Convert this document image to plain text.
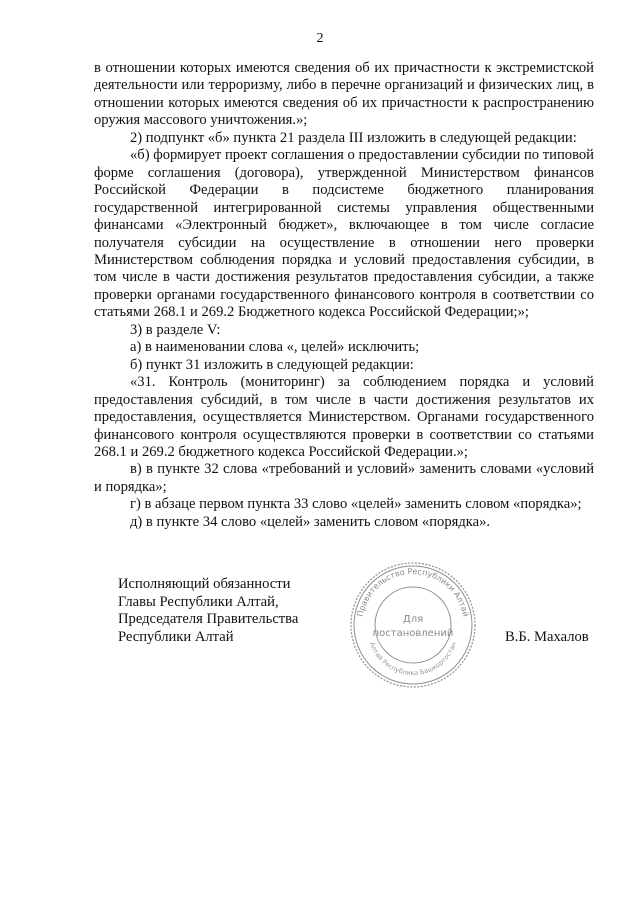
2

в отношении которых имеются сведения об их причастности к экстремистской деятельности или терроризму, либо в перечне организаций и физических лиц, в отношении которых имеются сведения об их причастности к распространению оружия массового уничтожения.»;

2) подпункт «б» пункта 21 раздела III изложить в следующей редакции:

«б) формирует проект соглашения о предоставлении субсидии по типовой форме соглашения (договора), утвержденной Министерством финансов Российской Федерации в подсистеме бюджетного планирования государственной интегрированной системы управления общественными финансами «Электронный бюджет», включающее в том числе согласие получателя субсидии на осуществление в отношении него проверки Министерством соблюдения порядка и условий предоставления субсидии, в том числе в части достижения результатов предоставления субсидии, а также проверки органами государственного финансового контроля в соответствии со статьями 268.1 и 269.2 Бюджетного кодекса Российской Федерации;»;

3) в разделе V:

а) в наименовании слова «, целей» исключить;

б) пункт 31 изложить в следующей редакции:

«31. Контроль (мониторинг) за соблюдением порядка и условий предоставления субсидий, в том числе в части достижения результатов их предоставления, осуществляется Министерством. Органами государственного финансового контроля осуществляются проверки в соответствии со статьями 268.1 и 269.2 бюджетного кодекса Российской Федерации.»;

в) в пункте 32 слова «требований и условий» заменить словами «условий и порядка»;

г) в абзаце первом пункта 33 слово «целей» заменить словом «порядка»;

д) в пункте 34 слово «целей» заменить словом «порядка».

Исполняющий обязанности
Главы Республики Алтай,
Председателя Правительства
Республики Алтай	В.Б. Махалов
Правительство Республики Алтай
Алтай Республика Башкортостан
Для
постановлений
